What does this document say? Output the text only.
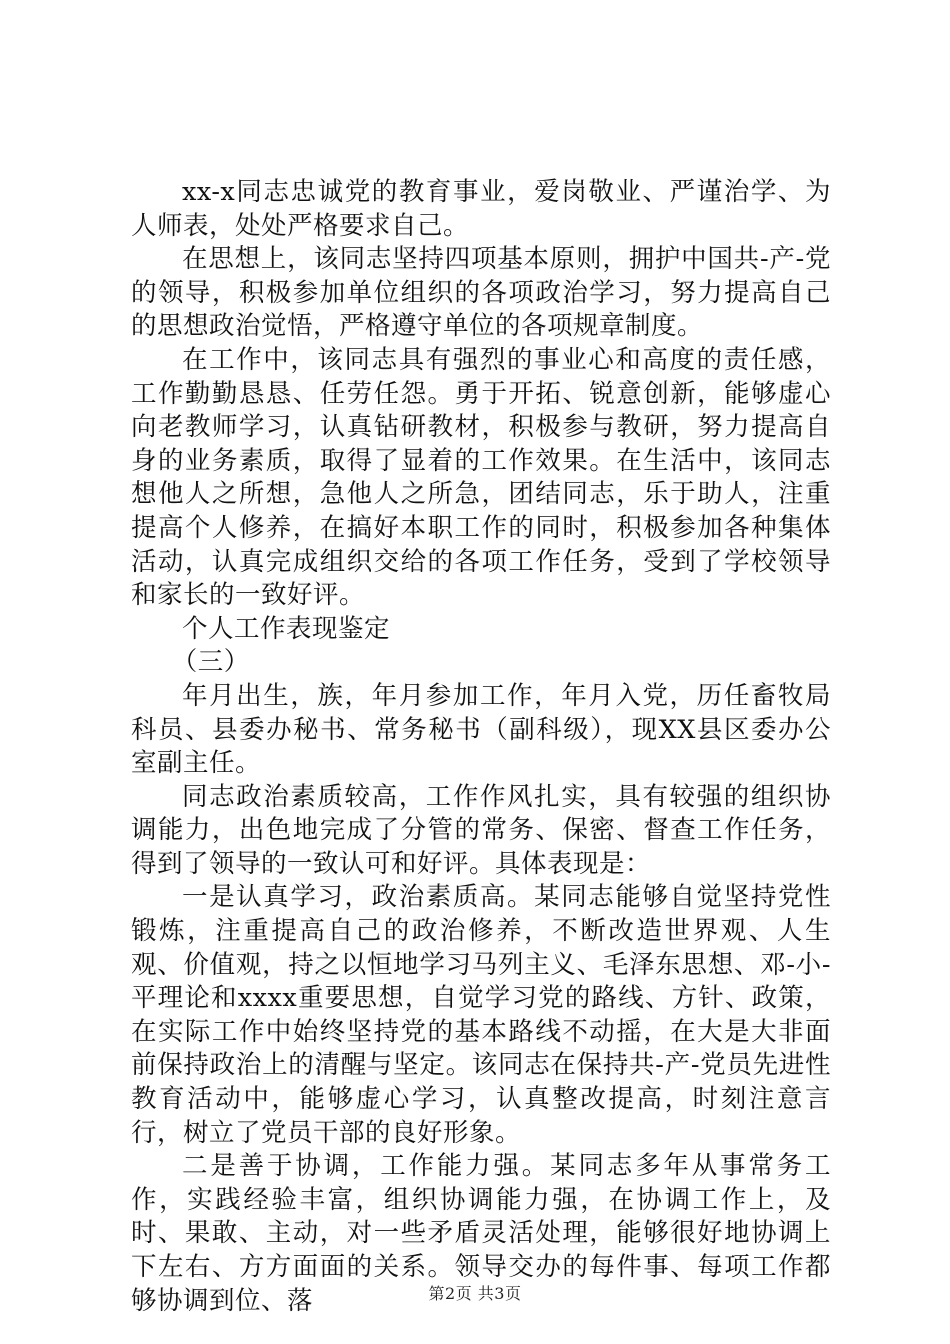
xx-x同志忠诚党的教育事业，爱岗敬业、严谨治学、为人师表，处处严格要求自己。

在思想上，该同志坚持四项基本原则，拥护中国共-产-党的领导，积极参加单位组织的各项政治学习，努力提高自己的思想政治觉悟，严格遵守单位的各项规章制度。

在工作中，该同志具有强烈的事业心和高度的责任感，工作勤勤恳恳、任劳任怨。勇于开拓、锐意创新，能够虚心向老教师学习，认真钻研教材，积极参与教研，努力提高自身的业务素质，取得了显着的工作效果。在生活中，该同志想他人之所想，急他人之所急，团结同志，乐于助人，注重提高个人修养，在搞好本职工作的同时，积极参加各种集体活动，认真完成组织交给的各项工作任务，受到了学校领导和家长的一致好评。

个人工作表现鉴定

（三）

年月出生，族，年月参加工作，年月入党，历任畜牧局科员、县委办秘书、常务秘书（副科级），现XX县区委办公室副主任。

同志政治素质较高，工作作风扎实，具有较强的组织协调能力，出色地完成了分管的常务、保密、督查工作任务，得到了领导的一致认可和好评。具体表现是：

一是认真学习，政治素质高。某同志能够自觉坚持党性锻炼，注重提高自己的政治修养，不断改造世界观、人生观、价值观，持之以恒地学习马列主义、毛泽东思想、邓-小-平理论和xxxx重要思想，自觉学习党的路线、方针、政策，在实际工作中始终坚持党的基本路线不动摇，在大是大非面前保持政治上的清醒与坚定。该同志在保持共-产-党员先进性教育活动中，能够虚心学习，认真整改提高，时刻注意言行，树立了党员干部的良好形象。

二是善于协调，工作能力强。某同志多年从事常务工作，实践经验丰富，组织协调能力强，在协调工作上，及时、果敢、主动，对一些矛盾灵活处理，能够很好地协调上下左右、方方面面的关系。领导交办的每件事、每项工作都够协调到位、落	第2页 共3页
